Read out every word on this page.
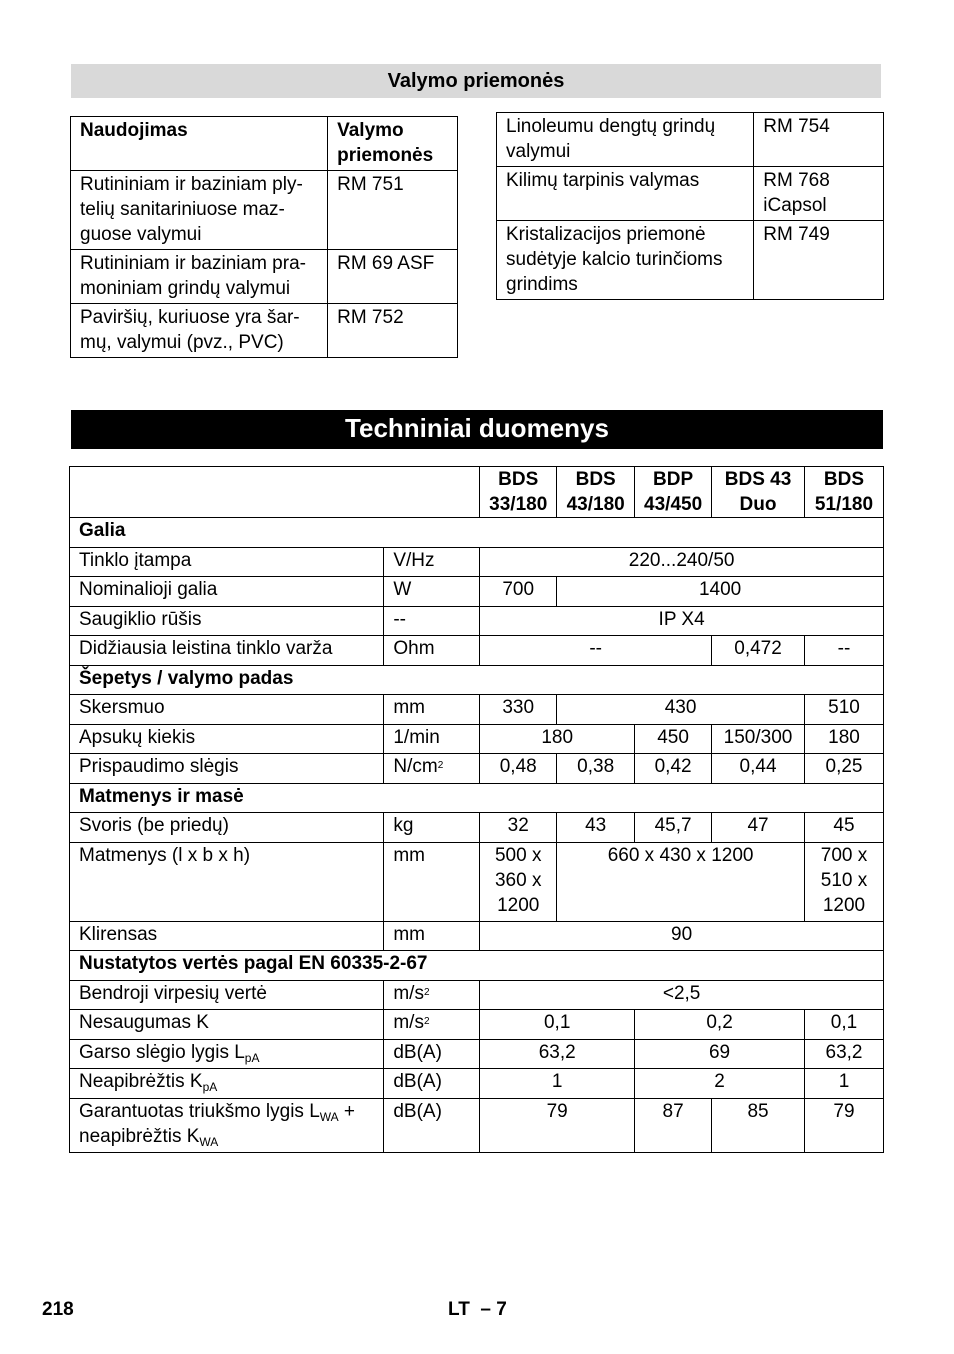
Valymo priemonės
Naudojimas	Valymo priemonės
Rutininiam ir baziniam ply-telių sanitariniuose maz-guose valymui	RM 751
Rutininiam ir baziniam pra-moniniam grindų valymui	RM 69 ASF
Paviršių, kuriuose yra šar-mų, valymui (pvz., PVC)	RM 752
Linoleumu dengtų grindų valymui	RM 754
Kilimų tarpinis valymas	RM 768 iCapsol
Kristalizacijos priemonė sudėtyje kalcio turinčioms grindims	RM 749
Techniniai duomenys
		BDS 33/180	BDS 43/180	BDP 43/450	BDS 43 Duo	BDS 51/180
Galia						
Tinklo įtampa	V/Hz	220...240/50				
Nominalioji galia	W	700	1400			
Saugiklio rūšis	--	IP X4				
Didžiausia leistina tinklo varža	Ohm	--			0,472	--
Šepetys / valymo padas						
Skersmuo	mm	330	430			510
Apsukų kiekis	1/min	180		450	150/300	180
Prispaudimo slėgis	$N/cm^2$	0,48	0,38	0,42	0,44	0,25
Matmenys ir masė						
Svoris (be priedų)	kg	32	43	45,7	47	45
Matmenys (l x b x h)	mm	500 x 360 x 1200	660 x 430 x 1200			700 x 510 x 1200
Klirensas	mm	90				
Nustatytos vertės pagal EN 60335-2-67						
Bendroji virpesių vertė	$m/s^2$	<2,5				
Nesaugumas K	$m/s^2$	0,1		0,2		0,1
Garso slėgio lygis $L_{pA}$	dB(A)	63,2		69		63,2
Neapibrėžtis $K_{pA}$	dB(A)	1		2		1
Garantuotas triukšmo lygis $L_{WA}$ + neapibrėžtis $K_{WA}$	dB(A)	79		87	85	79
218	LT  – 7
